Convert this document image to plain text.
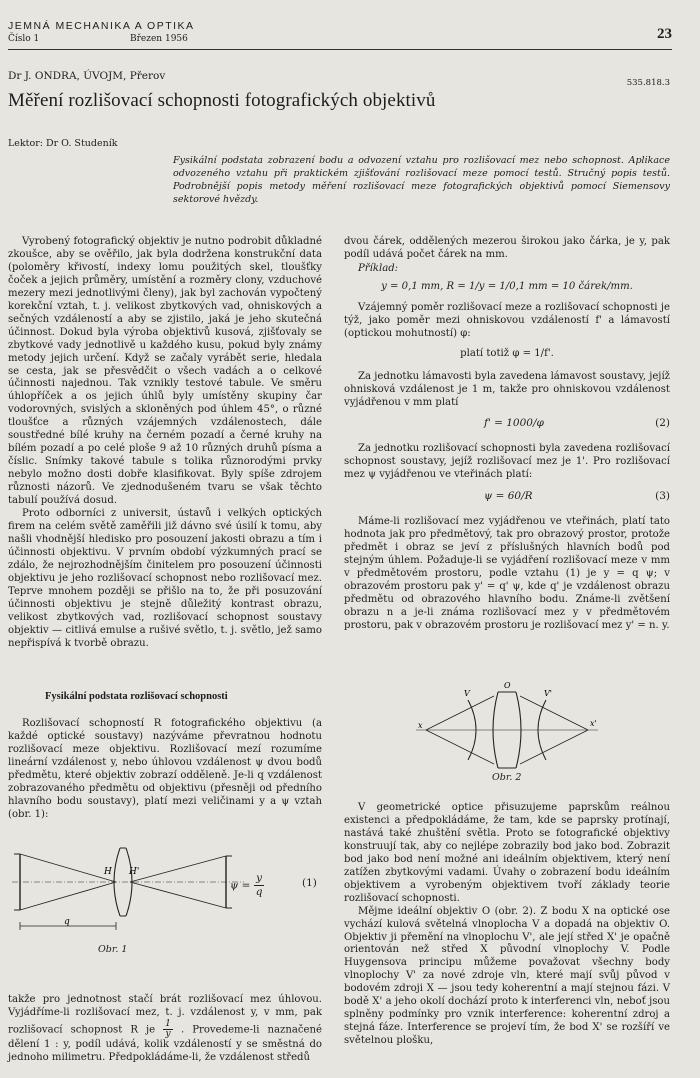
JEMNÁ MECHANIKA A OPTIKA
Číslo 1	Březen 1956	23
Dr J. ONDRA, ÚVOJM, Přerov
535.818.3
Měření rozlišovací schopnosti fotografických objektivů
Lektor: Dr O. Studeník
Fysikální podstata zobrazení bodu a odvození vztahu pro rozlišovací mez nebo schopnost. Aplikace odvozeného vztahu při praktickém zjišťování rozlišovací meze pomocí testů. Stručný popis testů. Podrobnější popis metody měření rozlišovací meze fotografických objektivů pomocí Siemensovy sektorové hvězdy.

Vyrobený fotografický objektiv je nutno podrobit důkladné zkoušce, aby se ověřilo, jak byla dodržena konstrukční data (poloměry křivostí, indexy lomu použitých skel, tloušťky čoček a jejich průměry, umístění a rozměry clony, vzduchové mezery mezi jednotlivými členy), jak byl zachován vypočtený korekční vztah, t. j. velikost zbytkových vad, ohniskových a sečných vzdáleností a aby se zjistilo, jaká je jeho skutečná účinnost. Dokud byla výroba objektivů kusová, zjišťovaly se zbytkové vady jednotlivě u každého kusu, pokud byly známy metody jejich určení. Když se začaly vyrábět serie, hledala se cesta, jak se přesvědčit o všech vadách a o celkové účinnosti najednou. Tak vznikly testové tabule. Ve směru úhlopříček a os jejich úhlů byly umístěny skupiny čar vodorovných, svislých a skloněných pod úhlem 45°, o různé tloušťce a různých vzájemných vzdálenostech, dále soustředné bílé kruhy na černém pozadí a černé kruhy na bílém pozadí a po celé ploše 9 až 10 různých druhů písma a číslic. Snímky takové tabule s tolika různorodými prvky nebylo možno dosti dobře klasifikovat. Byly spíše zdrojem různosti názorů. Ve zjednodušeném tvaru se však těchto tabulí používá dosud.

Proto odborníci z universit, ústavů i velkých optických firem na celém světě zaměřili již dávno své úsilí k tomu, aby našli vhodnější hledisko pro posouzení jakosti obrazu a tím i účinnosti objektivu. V prvním období výzkumných prací se zdálo, že nejrozhodnějším činitelem pro posouzení účinnosti objektivu je jeho rozlišovací schopnost nebo rozlišovací mez. Teprve mnohem později se přišlo na to, že při posuzování účinnosti objektivu je stejně důležitý kontrast obrazu, velikost zbytkových vad, rozlišovací schopnost soustavy objektiv — citlivá emulse a rušivé světlo, t. j. světlo, jež samo nepřispívá k tvorbě obrazu.

Fysikální podstata rozlišovací schopnosti

Rozlišovací schopností R fotografického objektivu (a každé optické soustavy) nazýváme převratnou hodnotu rozlišovací meze objektivu. Rozlišovací mezí rozumíme lineární vzdálenost y, nebo úhlovou vzdálenost ψ dvou bodů předmětu, které objektiv zobrazí odděleně. Je-li q vzdálenost zobrazovaného předmětu od objektivu (přesněji od předního hlavního bodu soustavy), platí mezi veličinami y a ψ vztah (obr. 1):

H H'
q
Obr. 1
$\psi = \frac{y}{q}$	(1)
takže pro jednotnost stačí brát rozlišovací mez úhlovou. Vyjádříme-li rozlišovací mez, t. j. vzdálenost y, v mm, pak rozlišovací schopnost R je $\frac{1}{y}$ . Provedeme-li naznačené dělení 1 : y, podíl udává, kolik vzdáleností y se směstná do jednoho milimetru. Předpokládáme-li, že vzdálenost středů

dvou čárek, oddělených mezerou širokou jako čárka, je y, pak podíl udává počet čárek na mm.

Příklad:

y = 0,1 mm, R = 1/y = 1/0,1 mm = 10 čárek/mm.

Vzájemný poměr rozlišovací meze a rozlišovací schopnosti je týž, jako poměr mezi ohniskovou vzdáleností f' a lámavostí (optickou mohutností) φ:

platí totiž φ = 1/f'.

Za jednotku lámavosti byla zavedena lámavost soustavy, jejíž ohnisková vzdálenost je 1 m, takže pro ohniskovou vzdálenost vyjádřenou v mm platí

f' = 1000/φ	(2)

Za jednotku rozlišovací schopnosti byla zavedena rozlišovací schopnost soustavy, jejíž rozlišovací mez je 1'. Pro rozlišovací mez ψ vyjádřenou ve vteřinách platí:

ψ = 60/R	(3)

Máme-li rozlišovací mez vyjádřenou ve vteřinách, platí tato hodnota jak pro předmětový, tak pro obrazový prostor, protože předmět i obraz se jeví z příslušných hlavních bodů pod stejným úhlem. Požaduje-li se vyjádření rozlišovací meze v mm v předmětovém prostoru, podle vztahu (1) je y = q ψ; v obrazovém prostoru pak y' = q' ψ, kde q' je vzdálenost obrazu předmětu od obrazového hlavního bodu. Známe-li zvětšení obrazu n a je-li známa rozlišovací mez y v předmětovém prostoru, pak v obrazovém prostoru je rozlišovací mez y' = n. y.

x	x'
V	V'
O
Obr. 2

V geometrické optice přisuzujeme paprskům reálnou existenci a předpokládáme, že tam, kde se paprsky protínají, nastává také zhuštění světla. Proto se fotografické objektivy konstruují tak, aby co nejlépe zobrazily bod jako bod. Zobrazit bod jako bod není možné ani ideálním objektivem, který není zatížen zbytkovými vadami. Úvahy o zobrazení bodu ideálním objektivem a vyrobeným objektivem tvoří základy teorie rozlišovací schopnosti.

Mějme ideální objektiv O (obr. 2). Z bodu X na optické ose vychází kulová světelná vlnoplocha V a dopadá na objektiv O. Objektiv ji přemění na vlnoplochu V', ale její střed X' je opačně orientován než střed X původní vlnoplochy V. Podle Huygensova principu můžeme považovat všechny body vlnoplochy V' za nové zdroje vln, které mají svůj původ v bodovém zdroji X — jsou tedy koherentní a mají stejnou fázi. V bodě X' a jeho okolí dochází proto k interferenci vln, neboť jsou splněny podmínky pro vznik interference: koherentní zdroj a stejná fáze. Interference se projeví tím, že bod X' se rozšíří ve světelnou plošku,
